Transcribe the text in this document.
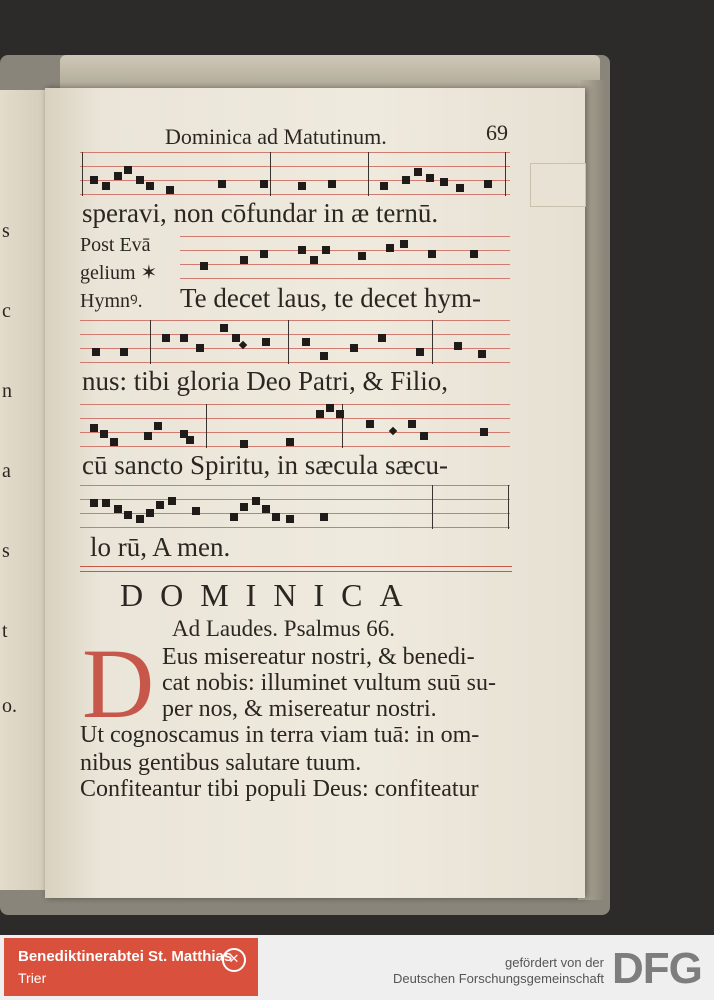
s
c
n
a
s
t
o.
Dominica ad Matutinum.	69
speravi, non cōfundar in æ ternū.
Post Evā
gelium ✶
Hymnꝰ. Te decet laus, te decet hym-
nus: tibi gloria Deo Patri, & Filio,
cū sancto Spiritu, in sæcula sæcu-
lo rū, A men.
DOMINICA
Ad Laudes. Psalmus 66.
D Eus misereatur nostri, & benedi-
cat nobis: illuminet vultum suū su-
per nos, & misereatur nostri.
Ut cognoscamus in terra viam tuā: in om-
nibus gentibus salutare tuum.
Confiteantur tibi populi Deus: confiteatur
Benediktinerabtei St. Matthias
Trier
✕	gefördert von der
Deutschen Forschungsgemeinschaft DFG
